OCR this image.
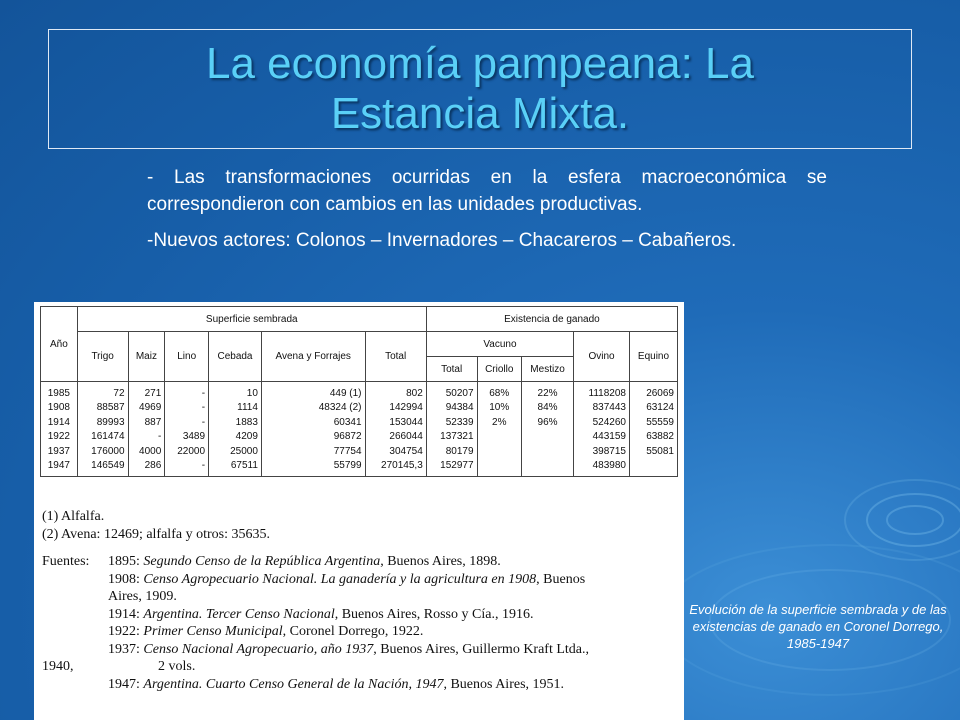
La economía pampeana: La
Estancia Mixta.

- Las transformaciones ocurridas en la esfera macroeconómica se correspondieron con cambios en las unidades productivas.

-Nuevos actores: Colonos – Invernadores – Chacareros – Cabañeros.

Año	Superficie sembrada						Existencia de ganado				
	Trigo	Maiz	Lino	Cebada	Avena y Forrajes	Total	Vacuno			Ovino	Equino
							Total	Criollo	Mestizo		
1985	72	271	-	10	449 (1)	802	50207	68%	22%	1118208	26069
1908	88587	4969	-	1114	48324 (2)	142994	94384	10%	84%	837443	63124
1914	89993	887	-	1883	60341	153044	52339	2%	96%	524260	55559
1922	161474	-	3489	4209	96872	266044	137321			443159	63882
1937	176000	4000	22000	25000	77754	304754	80179			398715	55081
1947	146549	286	-	67511	55799	270145,3	152977			483980	
(1) Alfalfa.
(2) Avena: 12469; alfalfa y otros: 35635.
Fuentes: 1895: Segundo Censo de la República Argentina, Buenos Aires, 1898.
1908: Censo Agropecuario Nacional. La ganadería y la agricultura en 1908, Buenos
Aires, 1909.
1914: Argentina. Tercer Censo Nacional, Buenos Aires, Rosso y Cía., 1916.
1922: Primer Censo Municipal, Coronel Dorrego, 1922.
1937: Censo Nacional Agropecuario, año 1937, Buenos Aires, Guillermo Kraft Ltda.,
1940,	2 vols.
1947: Argentina. Cuarto Censo General de la Nación, 1947, Buenos Aires, 1951.
Evolución de la superficie sembrada y de las existencias de ganado en Coronel Dorrego, 1985-1947
